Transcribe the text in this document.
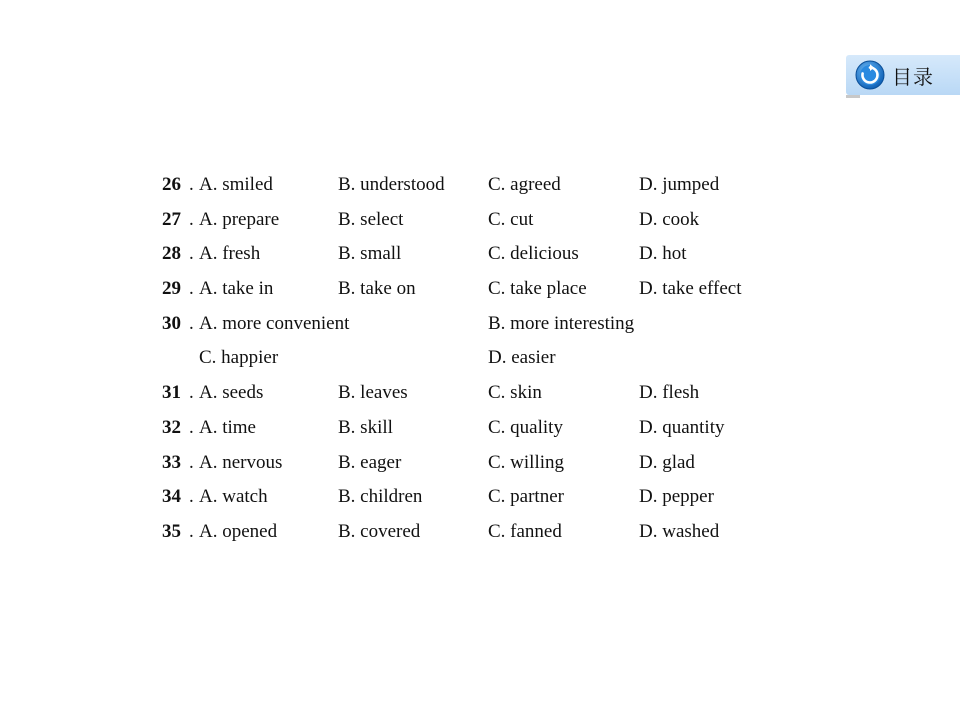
目录
26 . A. smiled	B. understood C. agreed	D. jumped
27 . A. prepare	B. select	C. cut	D. cook
28 . A. fresh	B. small	C. delicious	D. hot
29 . A. take in	B. take on	C. take place	D. take effect
30 . A. more convenient	B. more interesting
C. happier	D. easier
31 . A. seeds	B. leaves	C. skin	D. flesh
32 . A. time	B. skill	C. quality	D. quantity
33 . A. nervous	B. eager	C. willing	D. glad
34 . A. watch	B. children	C. partner	D. pepper
35 . A. opened	B. covered	C. fanned	D. washed
